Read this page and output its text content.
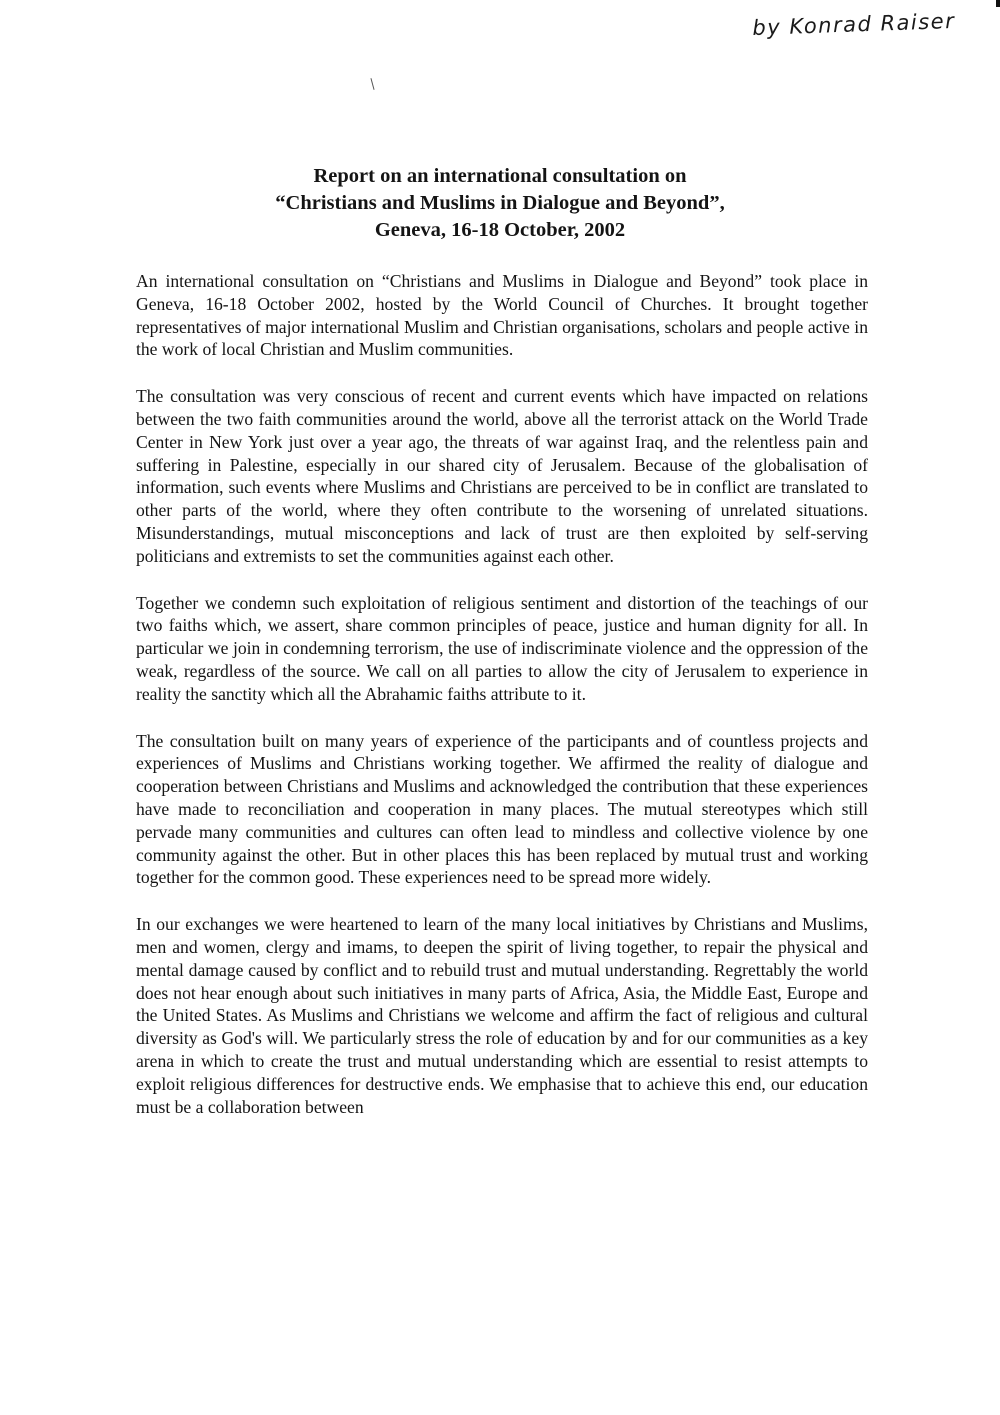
by Konrad Raiser
Report on an international consultation on
“Christians and Muslims in Dialogue and Beyond”,
Geneva, 16-18 October, 2002

An international consultation on “Christians and Muslims in Dialogue and Beyond” took place in Geneva, 16-18 October 2002, hosted by the World Council of Churches. It brought together representatives of major international Muslim and Christian organisations, scholars and people active in the work of local Christian and Muslim communities.

The consultation was very conscious of recent and current events which have impacted on relations between the two faith communities around the world, above all the terrorist attack on the World Trade Center in New York just over a year ago, the threats of war against Iraq, and the relentless pain and suffering in Palestine, especially in our shared city of Jerusalem. Because of the globalisation of information, such events where Muslims and Christians are perceived to be in conflict are translated to other parts of the world, where they often contribute to the worsening of unrelated situations. Misunderstandings, mutual misconceptions and lack of trust are then exploited by self-serving politicians and extremists to set the communities against each other.

Together we condemn such exploitation of religious sentiment and distortion of the teachings of our two faiths which, we assert, share common principles of peace, justice and human dignity for all. In particular we join in condemning terrorism, the use of indiscriminate violence and the oppression of the weak, regardless of the source. We call on all parties to allow the city of Jerusalem to experience in reality the sanctity which all the Abrahamic faiths attribute to it.

The consultation built on many years of experience of the participants and of countless projects and experiences of Muslims and Christians working together. We affirmed the reality of dialogue and cooperation between Christians and Muslims and acknowledged the contribution that these experiences have made to reconciliation and cooperation in many places. The mutual stereotypes which still pervade many communities and cultures can often lead to mindless and collective violence by one community against the other. But in other places this has been replaced by mutual trust and working together for the common good. These experiences need to be spread more widely.

In our exchanges we were heartened to learn of the many local initiatives by Christians and Muslims, men and women, clergy and imams, to deepen the spirit of living together, to repair the physical and mental damage caused by conflict and to rebuild trust and mutual understanding. Regrettably the world does not hear enough about such initiatives in many parts of Africa, Asia, the Middle East, Europe and the United States. As Muslims and Christians we welcome and affirm the fact of religious and cultural diversity as God's will. We particularly stress the role of education by and for our communities as a key arena in which to create the trust and mutual understanding which are essential to resist attempts to exploit religious differences for destructive ends. We emphasise that to achieve this end, our education must be a collaboration between
